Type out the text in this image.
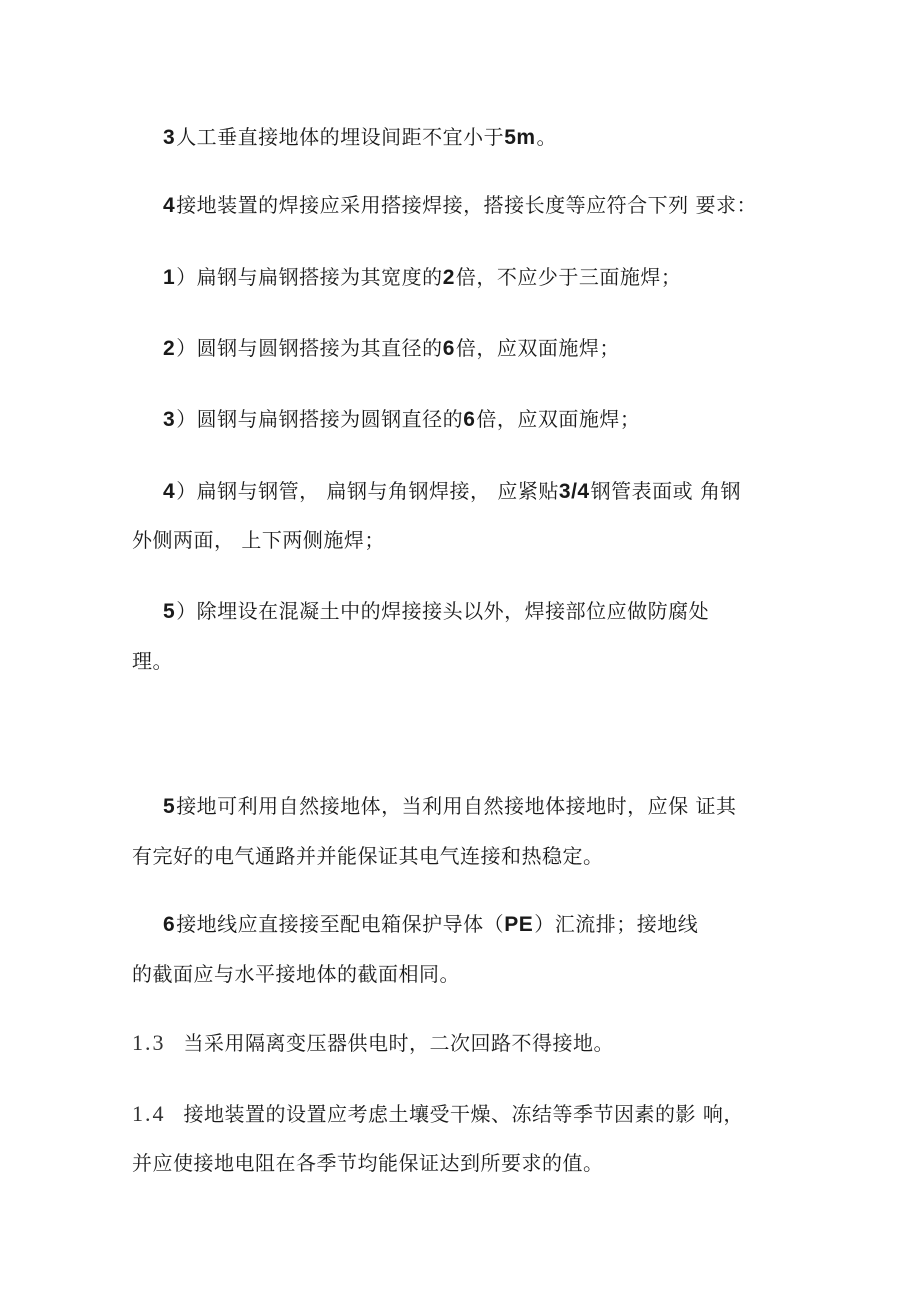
3人工垂直接地体的埋设间距不宜小于5m。
4接地装置的焊接应采用搭接焊接，搭接长度等应符合下列 要求：
1）扁钢与扁钢搭接为其宽度的2倍，不应少于三面施焊；
2）圆钢与圆钢搭接为其直径的6倍，应双面施焊；
3）圆钢与扁钢搭接为圆钢直径的6倍，应双面施焊；
4）扁钢与钢管， 扁钢与角钢焊接， 应紧贴3/4钢管表面或 角钢
外侧两面， 上下两侧施焊；
5）除埋设在混凝土中的焊接接头以外，焊接部位应做防腐处
理。
5接地可利用自然接地体，当利用自然接地体接地时，应保 证其
有完好的电气通路并并能保证其电气连接和热稳定。
6接地线应直接接至配电箱保护导体（PE）汇流排；接地线
的截面应与水平接地体的截面相同。
1.3 当采用隔离变压器供电时，二次回路不得接地。
1.4 接地装置的设置应考虑土壤受干燥、冻结等季节因素的影 响，
并应使接地电阻在各季节均能保证达到所要求的值。
